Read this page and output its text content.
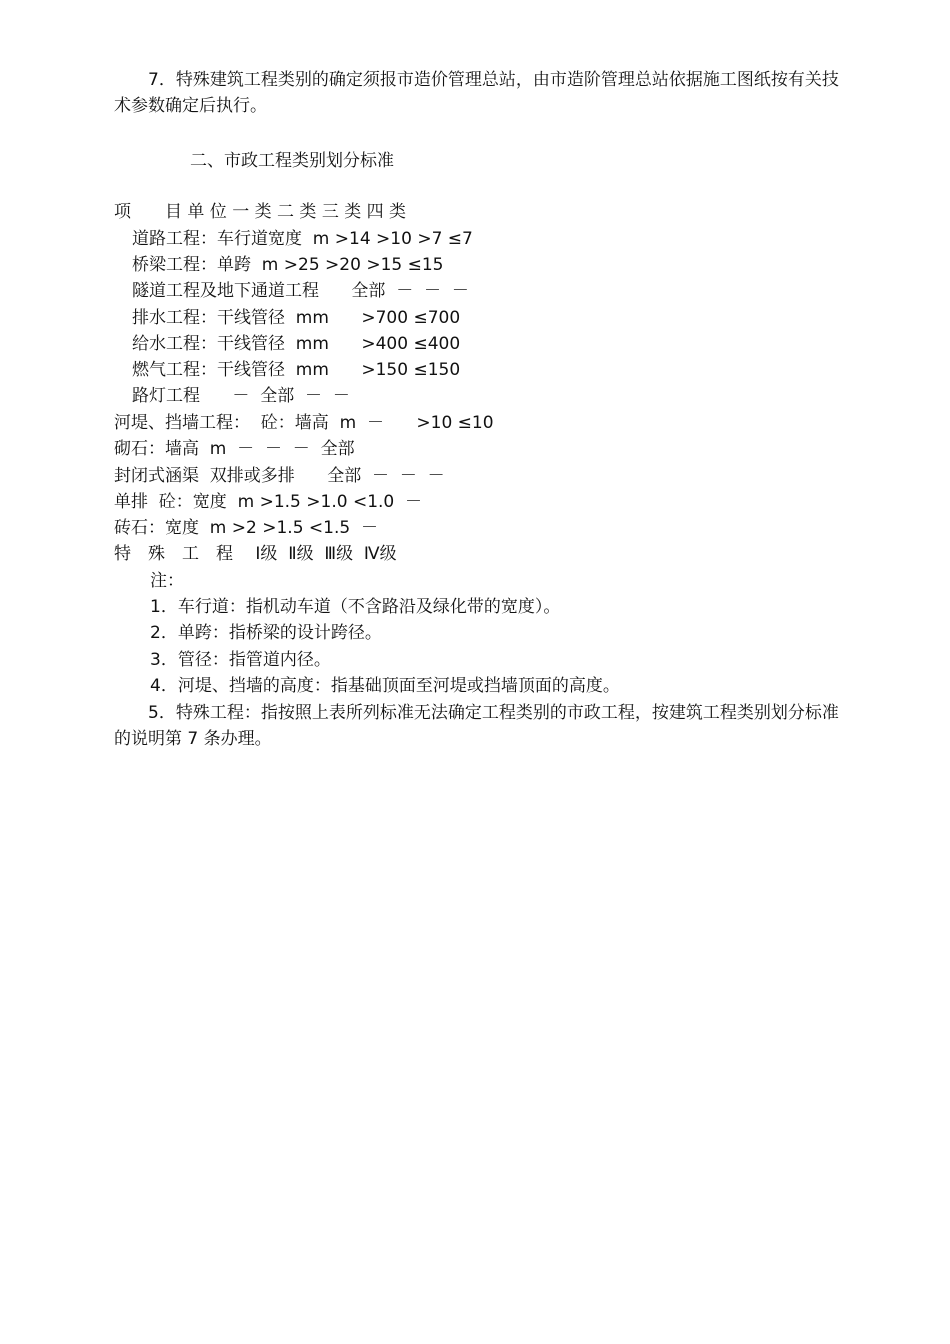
7．特殊建筑工程类别的确定须报市造价管理总站，由市造阶管理总站依据施工图纸按有关技术参数确定后执行。
二、市政工程类别划分标准
项　　目 单 位 一 类 二 类 三 类 四 类
道路工程：车行道宽度  m >14 >10 >7 ≤7
桥梁工程：单跨  m >25 >20 >15 ≤15
隧道工程及地下通道工程      全部  －  －  －
排水工程：干线管径  mm      >700 ≤700
给水工程：干线管径  mm      >400 ≤400
燃气工程：干线管径  mm      >150 ≤150
路灯工程      －  全部  －  －
河堤、挡墙工程：  砼：墙高  m  －      >10 ≤10
砌石：墙高  m  －  －  －  全部
封闭式涵渠  双排或多排      全部  －  －  －
单排  砼：宽度  m >1.5 >1.0 <1.0  －
砖石：宽度  m >2 >1.5 <1.5  －
特　殊　工　程　 Ⅰ级  Ⅱ级  Ⅲ级  Ⅳ级
注：
1．车行道：指机动车道（不含路沿及绿化带的宽度）。
2．单跨：指桥梁的设计跨径。
3．管径：指管道内径。
4．河堤、挡墙的高度：指基础顶面至河堤或挡墙顶面的高度。
5．特殊工程：指按照上表所列标准无法确定工程类别的市政工程，按建筑工程类别划分标准的说明第 7 条办理。
